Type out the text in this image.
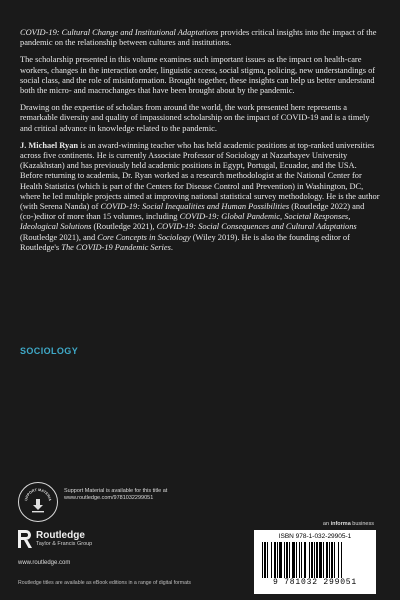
COVID-19: Cultural Change and Institutional Adaptations provides critical insights into the impact of the pandemic on the relationship between cultures and institutions.

The scholarship presented in this volume examines such important issues as the impact on health-care workers, changes in the interaction order, linguistic access, social stigma, policing, new understandings of social class, and the role of misinformation. Brought together, these insights can help us better understand both the micro- and macrochanges that have been brought about by the pandemic.

Drawing on the expertise of scholars from around the world, the work presented here represents a remarkable diversity and quality of impassioned scholarship on the impact of COVID-19 and is a timely and critical advance in knowledge related to the pandemic.

J. Michael Ryan is an award-winning teacher who has held academic positions at top-ranked universities across five continents. He is currently Associate Professor of Sociology at Nazarbayev University (Kazakhstan) and has previously held academic positions in Egypt, Portugal, Ecuador, and the USA. Before returning to academia, Dr. Ryan worked as a research methodologist at the National Center for Health Statistics (which is part of the Centers for Disease Control and Prevention) in Washington, DC, where he led multiple projects aimed at improving national statistical survey methodology. He is the author (with Serena Nanda) of COVID-19: Social Inequalities and Human Possibilities (Routledge 2022) and (co-)editor of more than 15 volumes, including COVID-19: Global Pandemic, Societal Responses, Ideological Solutions (Routledge 2021), COVID-19: Social Consequences and Cultural Adaptations (Routledge 2021), and Core Concepts in Sociology (Wiley 2019). He is also the founding editor of Routledge's The COVID-19 Pandemic Series.

SOCIOLOGY
UPPORT MATERIA
Support Material is available for this title at
www.routledge.com/9781032299051
Routledge
Taylor & Francis Group
www.routledge.com
an informa business
ISBN 978-1-032-29905-1
9 781032 299051
Routledge titles are available as eBook editions in a range of digital formats
